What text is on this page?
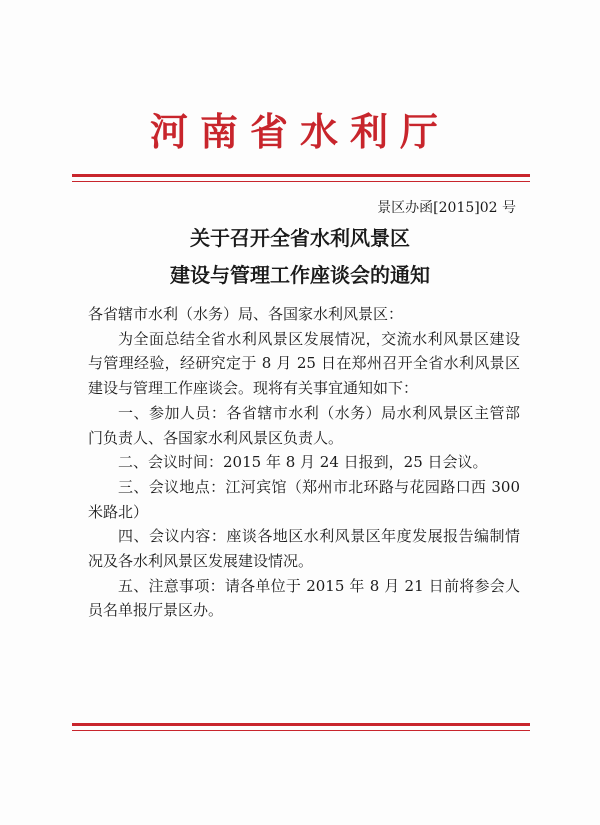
河南省水利厅
景区办函[2015]02 号
关于召开全省水利风景区
建设与管理工作座谈会的通知

各省辖市水利（水务）局、各国家水利风景区：

为全面总结全省水利风景区发展情况，交流水利风景区建设与管理经验，经研究定于 8 月 25 日在郑州召开全省水利风景区建设与管理工作座谈会。现将有关事宜通知如下：

一、参加人员：各省辖市水利（水务）局水利风景区主管部门负责人、各国家水利风景区负责人。

二、会议时间：2015 年 8 月 24 日报到，25 日会议。

三、会议地点：江河宾馆（郑州市北环路与花园路口西 300 米路北）

四、会议内容：座谈各地区水利风景区年度发展报告编制情况及各水利风景区发展建设情况。

五、注意事项：请各单位于 2015 年 8 月 21 日前将参会人员名单报厅景区办。
